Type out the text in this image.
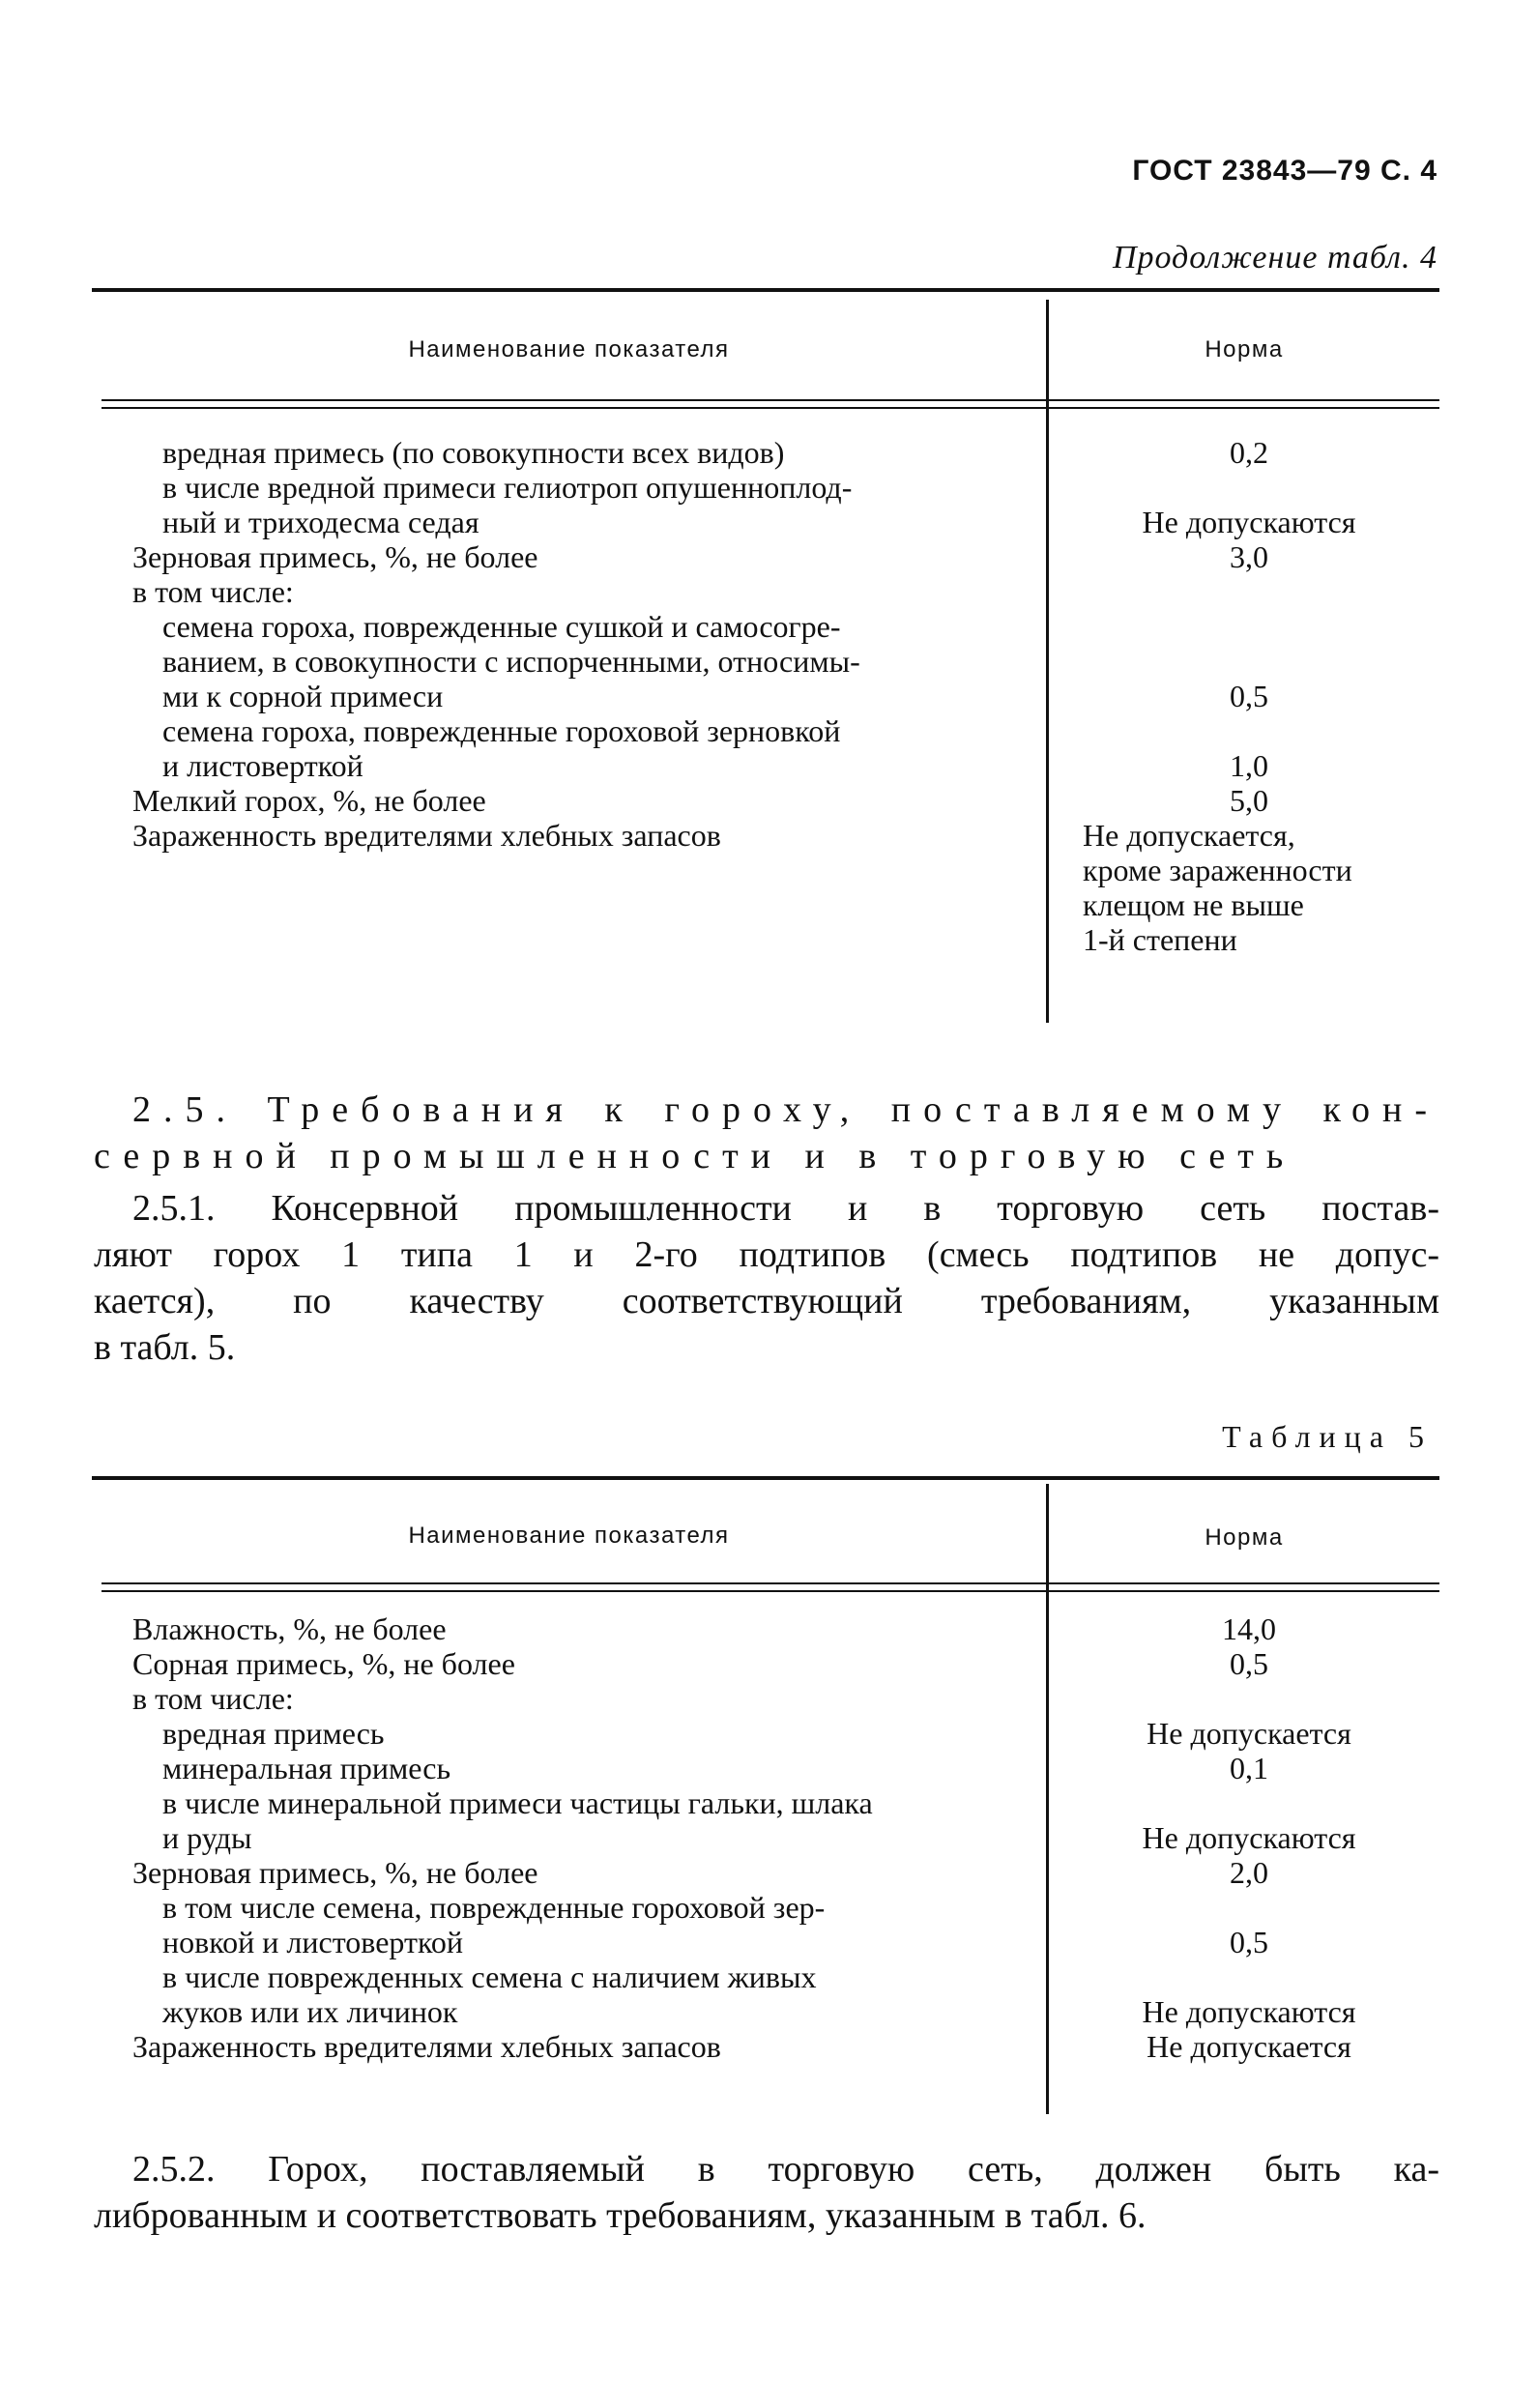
ГОСТ 23843—79 С. 4
Продолжение табл. 4
Наименование показателя	Норма
вредная примесь (по совокупности всех видов)	0,2
в числе вредной примеси гелиотроп опушенноплод-
ный и триходесма седая	Не допускаются
Зерновая примесь, %, не более	3,0
в том числе:
семена гороха, поврежденные сушкой и самосогре-
ванием, в совокупности с испорченными, относимы-
ми к сорной примеси	0,5
семена гороха, поврежденные гороховой зерновкой
и листоверткой	1,0
Мелкий горох, %, не более	5,0
Зараженность вредителями хлебных запасов	Не допускается,
кроме зараженности
клещом не выше
1-й степени
2.5. Требования к гороху, поставляемому кон-
сервной промышленности и в торговую сеть
2.5.1. Консервной промышленности и в торговую сеть постав-
ляют горох 1 типа 1 и 2-го подтипов (смесь подтипов не допус-
кается), по качеству соответствующий требованиям, указанным
в табл. 5.
Таблица 5
Наименование показателя	Норма
Влажность, %, не более	14,0
Сорная примесь, %, не более	0,5
в том числе:
вредная примесь	Не допускается
минеральная примесь	0,1
в числе минеральной примеси частицы гальки, шлака
и руды	Не допускаются
Зерновая примесь, %, не более	2,0
в том числе семена, поврежденные гороховой зер-
новкой и листоверткой	0,5
в числе поврежденных семена с наличием живых
жуков или их личинок	Не допускаются
Зараженность вредителями хлебных запасов	Не допускается
2.5.2. Горох, поставляемый в торговую сеть, должен быть ка-
либрованным и соответствовать требованиям, указанным в табл. 6.
